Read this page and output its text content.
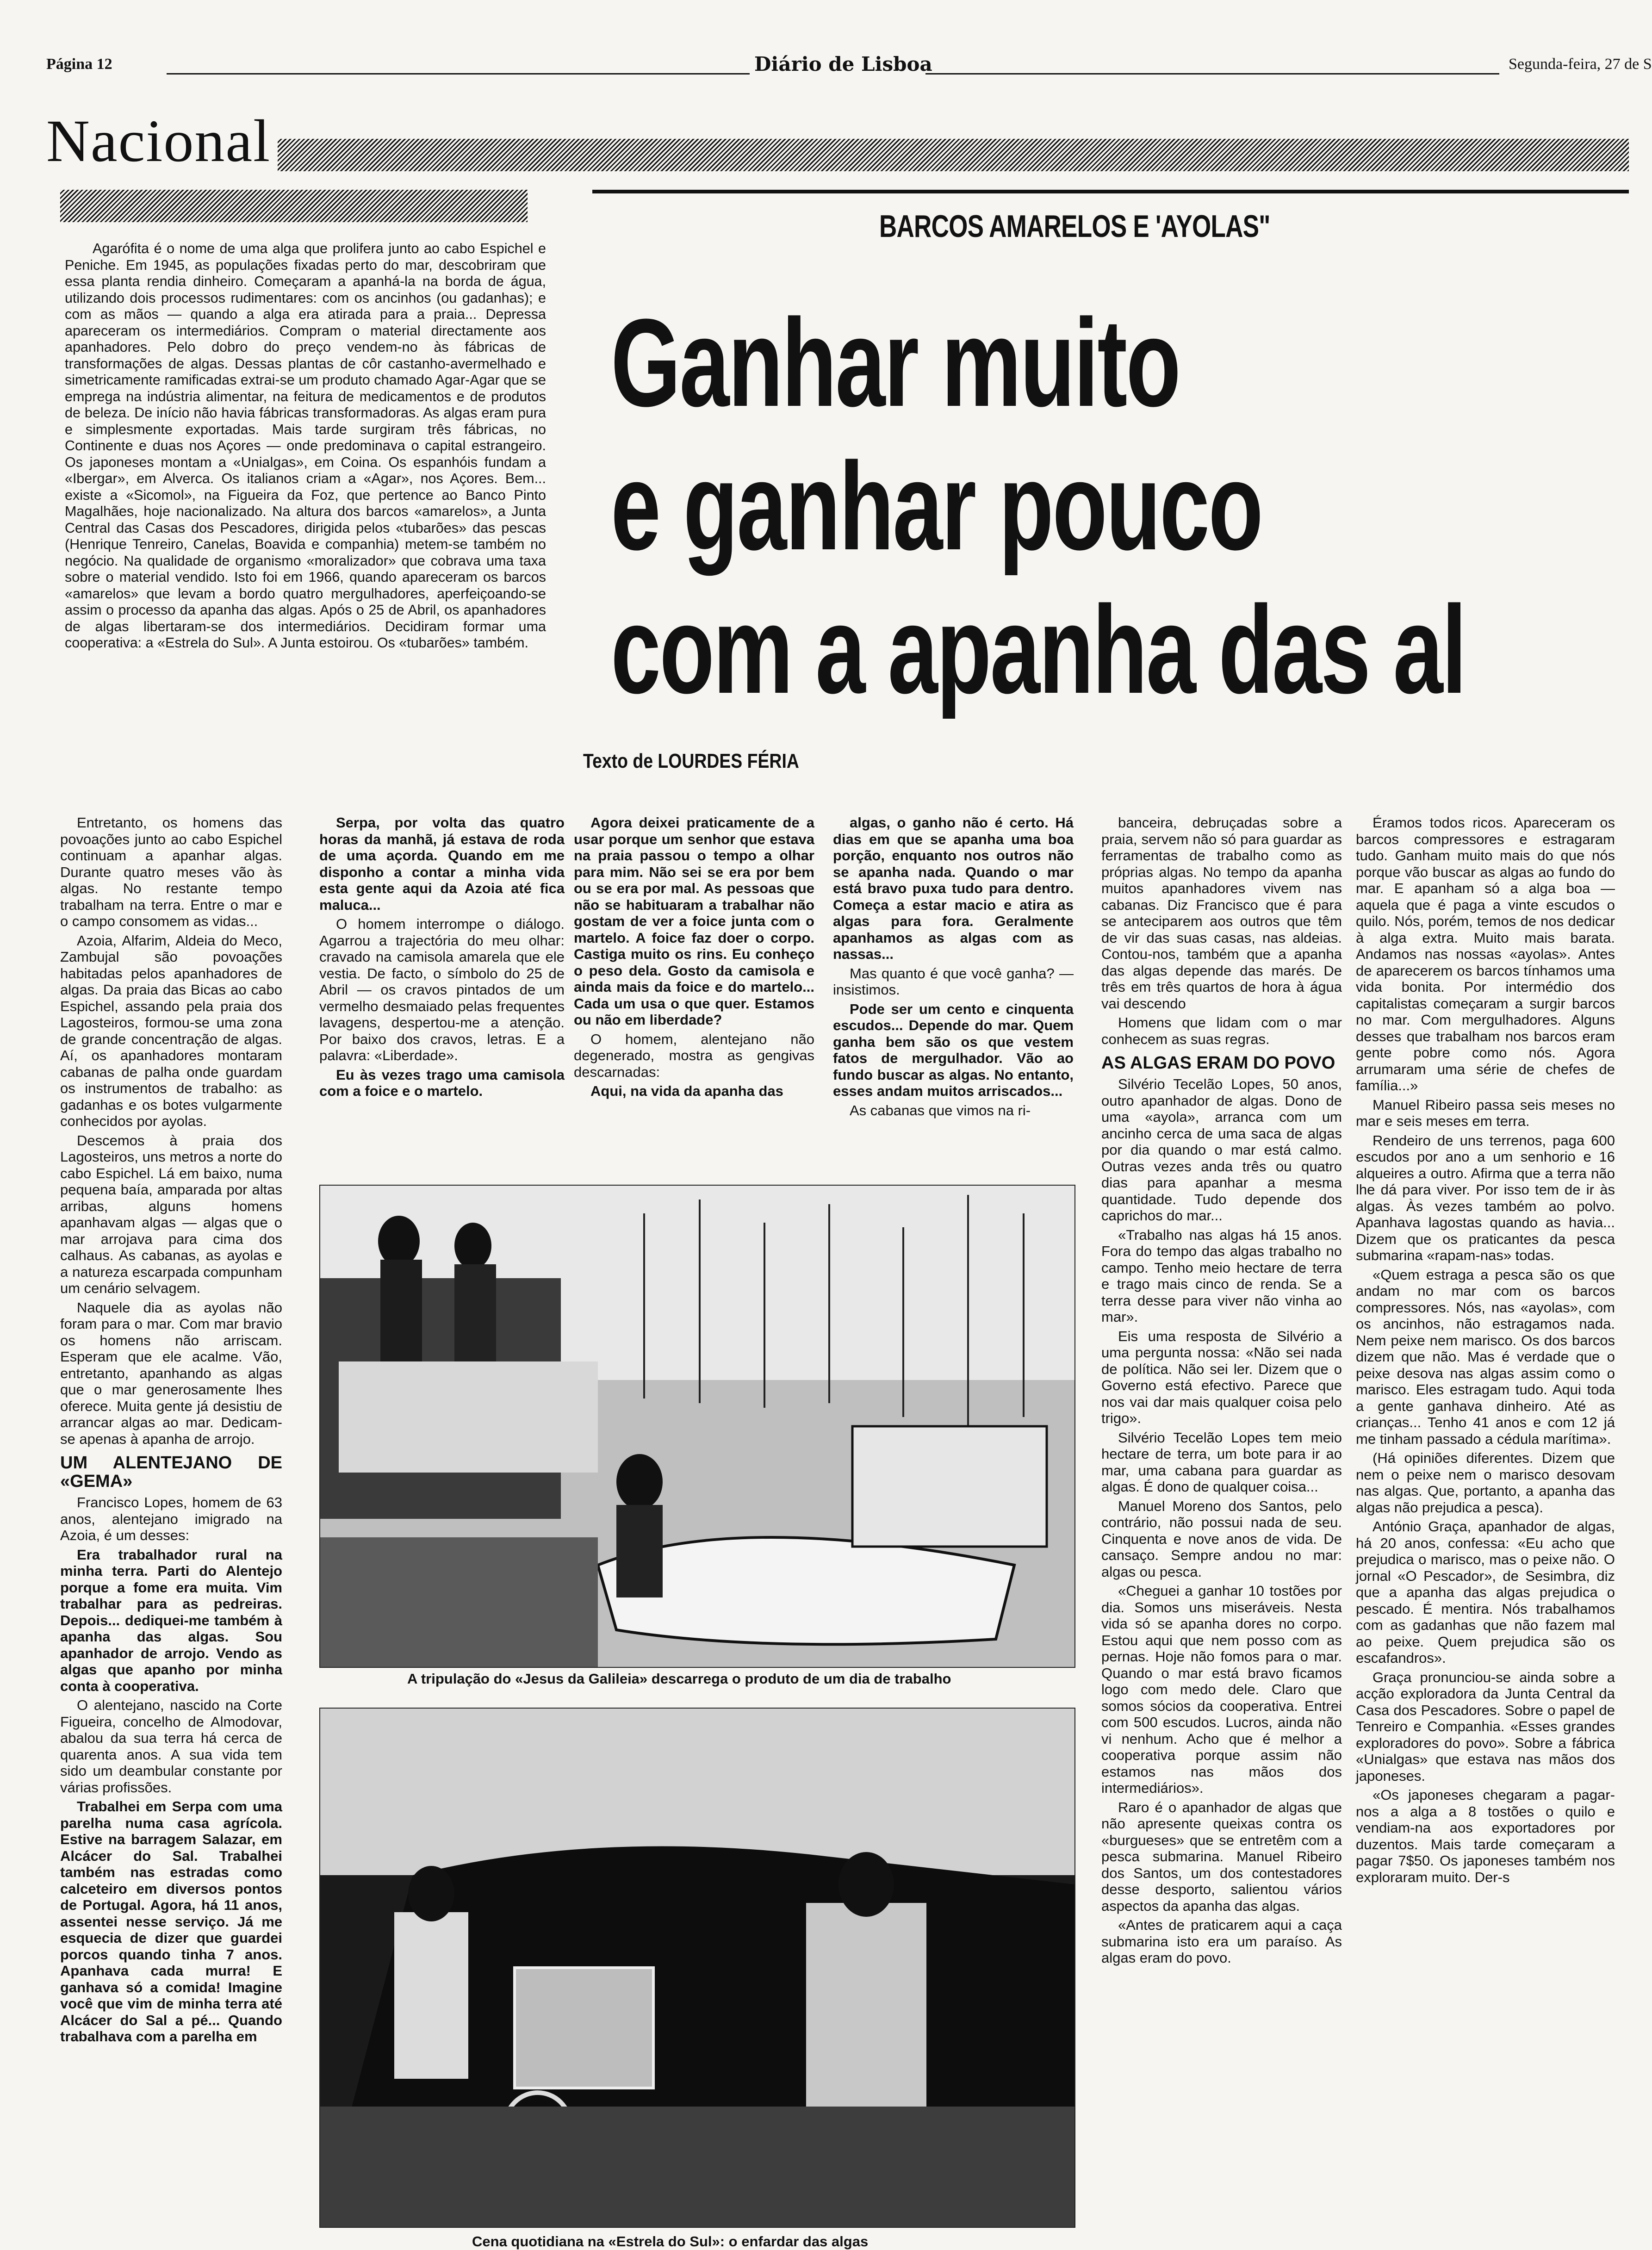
Página 12	Diário de Lisboa	Segunda-feira, 27 de S
Nacional
BARCOS AMARELOS E 'AYOLAS"
Ganhar muito
e ganhar pouco
com a apanha das al
Texto de LOURDES FÉRIA

Agarófita é o nome de uma alga que prolifera junto ao cabo Espichel e Peniche. Em 1945, as populações fixadas perto do mar, descobriram que essa planta rendia dinheiro. Começaram a apanhá-la na borda de água, utilizando dois processos rudimentares: com os ancinhos (ou gadanhas); e com as mãos — quando a alga era atirada para a praia... Depressa apareceram os intermediários. Compram o material directamente aos apanhadores. Pelo dobro do preço vendem-no às fábricas de transformações de algas. Dessas plantas de côr castanho-avermelhado e simetricamente ramificadas extrai-se um produto chamado Agar-Agar que se emprega na indústria alimentar, na feitura de medicamentos e de produtos de beleza. De início não havia fábricas transformadoras. As algas eram pura e simplesmente exportadas. Mais tarde surgiram três fábricas, no Continente e duas nos Açores — onde predominava o capital estrangeiro. Os japoneses montam a «Unialgas», em Coina. Os espanhóis fundam a «Ibergar», em Alverca. Os italianos criam a «Agar», nos Açores. Bem... existe a «Sicomol», na Figueira da Foz, que pertence ao Banco Pinto Magalhães, hoje nacionalizado. Na altura dos barcos «amarelos», a Junta Central das Casas dos Pescadores, dirigida pelos «tubarões» das pescas (Henrique Tenreiro, Canelas, Boavida e companhia) metem-se também no negócio. Na qualidade de organismo «moralizador» que cobrava uma taxa sobre o material vendido. Isto foi em 1966, quando apareceram os barcos «amarelos» que levam a bordo quatro mergulhadores, aperfeiçoando-se assim o processo da apanha das algas. Após o 25 de Abril, os apanhadores de algas libertaram-se dos intermediários. Decidiram formar uma cooperativa: a «Estrela do Sul». A Junta estoirou. Os «tubarões» também.

Entretanto, os homens das povoações junto ao cabo Espichel continuam a apanhar algas. Durante quatro meses vão às algas. No restante tempo trabalham na terra. Entre o mar e o campo consomem as vidas...

Azoia, Alfarim, Aldeia do Meco, Zambujal são povoações habitadas pelos apanhadores de algas. Da praia das Bicas ao cabo Espichel, assando pela praia dos Lagosteiros, formou-se uma zona de grande concentração de algas. Aí, os apanhadores montaram cabanas de palha onde guardam os instrumentos de trabalho: as gadanhas e os botes vulgarmente conhecidos por ayolas.

Descemos à praia dos Lagosteiros, uns metros a norte do cabo Espichel. Lá em baixo, numa pequena baía, amparada por altas arribas, alguns homens apanhavam algas — algas que o mar arrojava para cima dos calhaus. As cabanas, as ayolas e a natureza escarpada compunham um cenário selvagem.

Naquele dia as ayolas não foram para o mar. Com mar bravio os homens não arriscam. Esperam que ele acalme. Vão, entretanto, apanhando as algas que o mar generosamente lhes oferece. Muita gente já desistiu de arrancar algas ao mar. Dedicam-se apenas à apanha de arrojo.

UM ALENTEJANO DE «GEMA»

Francisco Lopes, homem de 63 anos, alentejano imigrado na Azoia, é um desses:

Era trabalhador rural na minha terra. Parti do Alentejo porque a fome era muita. Vim trabalhar para as pedreiras. Depois... dediquei-me também à apanha das algas. Sou apanhador de arrojo. Vendo as algas que apanho por minha conta à cooperativa.

O alentejano, nascido na Corte Figueira, concelho de Almodovar, abalou da sua terra há cerca de quarenta anos. A sua vida tem sido um deambular constante por várias profissões.

Trabalhei em Serpa com uma parelha numa casa agrícola. Estive na barragem Salazar, em Alcácer do Sal. Trabalhei também nas estradas como calceteiro em diversos pontos de Portugal. Agora, há 11 anos, assentei nesse serviço. Já me esquecia de dizer que guardei porcos quando tinha 7 anos. Apanhava cada murra! E ganhava só a comida! Imagine você que vim de minha terra até Alcácer do Sal a pé... Quando trabalhava com a parelha em

Serpa, por volta das quatro horas da manhã, já estava de roda de uma açorda. Quando em me disponho a contar a minha vida esta gente aqui da Azoia até fica maluca...

O homem interrompe o diálogo. Agarrou a trajectória do meu olhar: cravado na camisola amarela que ele vestia. De facto, o símbolo do 25 de Abril — os cravos pintados de um vermelho desmaiado pelas frequentes lavagens, despertou-me a atenção. Por baixo dos cravos, letras. E a palavra: «Liberdade».

Eu às vezes trago uma camisola com a foice e o martelo.

Agora deixei praticamente de a usar porque um senhor que estava na praia passou o tempo a olhar para mim. Não sei se era por bem ou se era por mal. As pessoas que não se habituaram a trabalhar não gostam de ver a foice junta com o martelo. A foice faz doer o corpo. Castiga muito os rins. Eu conheço o peso dela. Gosto da camisola e ainda mais da foice e do martelo... Cada um usa o que quer. Estamos ou não em liberdade?

O homem, alentejano não degenerado, mostra as gengivas descarnadas:

Aqui, na vida da apanha das

algas, o ganho não é certo. Há dias em que se apanha uma boa porção, enquanto nos outros não se apanha nada. Quando o mar está bravo puxa tudo para dentro. Começa a estar macio e atira as algas para fora. Geralmente apanhamos as algas com as nassas...

Mas quanto é que você ganha? — insistimos.

Pode ser um cento e cinquenta escudos... Depende do mar. Quem ganha bem são os que vestem fatos de mergulhador. Vão ao fundo buscar as algas. No entanto, esses andam muitos arriscados...

As cabanas que vimos na ri-

banceira, debruçadas sobre a praia, servem não só para guardar as ferramentas de trabalho como as próprias algas. No tempo da apanha muitos apanhadores vivem nas cabanas. Diz Francisco que é para se anteciparem aos outros que têm de vir das suas casas, nas aldeias. Contou-nos, também que a apanha das algas depende das marés. De três em três quartos de hora à água vai descendo

Homens que lidam com o mar conhecem as suas regras.

AS ALGAS ERAM DO POVO

Silvério Tecelão Lopes, 50 anos, outro apanhador de algas. Dono de uma «ayola», arranca com um ancinho cerca de uma saca de algas por dia quando o mar está calmo. Outras vezes anda três ou quatro dias para apanhar a mesma quantidade. Tudo depende dos caprichos do mar...

«Trabalho nas algas há 15 anos. Fora do tempo das algas trabalho no campo. Tenho meio hectare de terra e trago mais cinco de renda. Se a terra desse para viver não vinha ao mar».

Eis uma resposta de Silvério a uma pergunta nossa: «Não sei nada de política. Não sei ler. Dizem que o Governo está efectivo. Parece que nos vai dar mais qualquer coisa pelo trigo».

Silvério Tecelão Lopes tem meio hectare de terra, um bote para ir ao mar, uma cabana para guardar as algas. É dono de qualquer coisa...

Manuel Moreno dos Santos, pelo contrário, não possui nada de seu. Cinquenta e nove anos de vida. De cansaço. Sempre andou no mar: algas ou pesca.

«Cheguei a ganhar 10 tostões por dia. Somos uns miseráveis. Nesta vida só se apanha dores no corpo. Estou aqui que nem posso com as pernas. Hoje não fomos para o mar. Quando o mar está bravo ficamos logo com medo dele. Claro que somos sócios da cooperativa. Entrei com 500 escudos. Lucros, ainda não vi nenhum. Acho que é melhor a cooperativa porque assim não estamos nas mãos dos intermediários».

Raro é o apanhador de algas que não apresente queixas contra os «burgueses» que se entretêm com a pesca submarina. Manuel Ribeiro dos Santos, um dos contestadores desse desporto, salientou vários aspectos da apanha das algas.

«Antes de praticarem aqui a caça submarina isto era um paraíso. As algas eram do povo.

Éramos todos ricos. Apareceram os barcos compressores e estragaram tudo. Ganham muito mais do que nós porque vão buscar as algas ao fundo do mar. E apanham só a alga boa — aquela que é paga a vinte escudos o quilo. Nós, porém, temos de nos dedicar à alga extra. Muito mais barata. Andamos nas nossas «ayolas». Antes de aparecerem os barcos tínhamos uma vida bonita. Por intermédio dos capitalistas começaram a surgir barcos no mar. Com mergulhadores. Alguns desses que trabalham nos barcos eram gente pobre como nós. Agora arrumaram uma série de chefes de família...»

Manuel Ribeiro passa seis meses no mar e seis meses em terra.

Rendeiro de uns terrenos, paga 600 escudos por ano a um senhorio e 16 alqueires a outro. Afirma que a terra não lhe dá para viver. Por isso tem de ir às algas. Às vezes também ao polvo. Apanhava lagostas quando as havia... Dizem que os praticantes da pesca submarina «rapam-nas» todas.

«Quem estraga a pesca são os que andam no mar com os barcos compressores. Nós, nas «ayolas», com os ancinhos, não estragamos nada. Nem peixe nem marisco. Os dos barcos dizem que não. Mas é verdade que o peixe desova nas algas assim como o marisco. Eles estragam tudo. Aqui toda a gente ganhava dinheiro. Até as crianças... Tenho 41 anos e com 12 já me tinham passado a cédula marítima».

(Há opiniões diferentes. Dizem que nem o peixe nem o marisco desovam nas algas. Que, portanto, a apanha das algas não prejudica a pesca).

António Graça, apanhador de algas, há 20 anos, confessa: «Eu acho que prejudica o marisco, mas o peixe não. O jornal «O Pescador», de Sesimbra, diz que a apanha das algas prejudica o pescado. É mentira. Nós trabalhamos com as gadanhas que não fazem mal ao peixe. Quem prejudica são os escafandros».

Graça pronunciou-se ainda sobre a acção exploradora da Junta Central da Casa dos Pescadores. Sobre o papel de Tenreiro e Companhia. «Esses grandes exploradores do povo». Sobre a fábrica «Unialgas» que estava nas mãos dos japoneses.

«Os japoneses chegaram a pagar-nos a alga a 8 tostões o quilo e vendiam-na aos exportadores por duzentos. Mais tarde começaram a pagar 7$50. Os japoneses também nos exploraram muito. Der-s

A tripulação do «Jesus da Galileia» descarrega o produto de um dia de trabalho
Cena quotidiana na «Estrela do Sul»: o enfardar das algas
